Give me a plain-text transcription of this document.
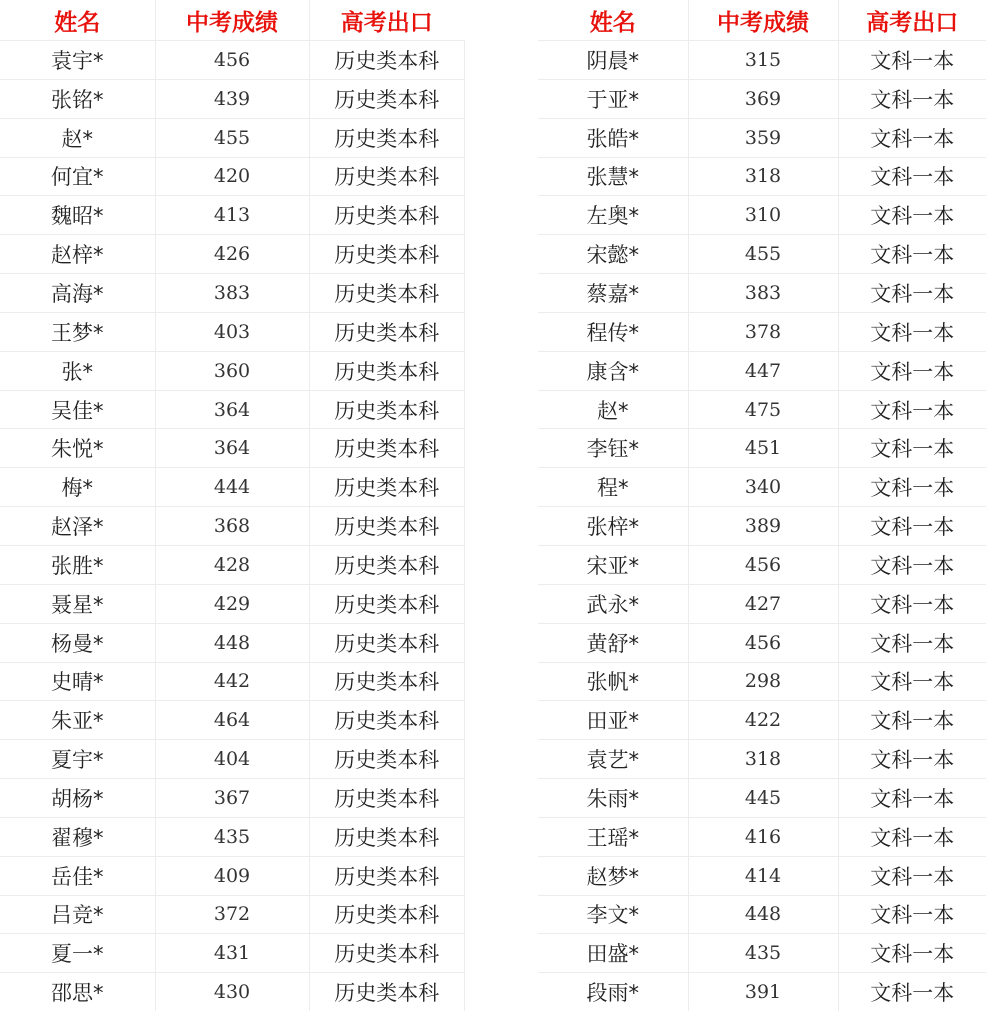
姓名	中考成绩	高考出口
袁宇*	456	历史类本科
张铭*	439	历史类本科
赵*	455	历史类本科
何宜*	420	历史类本科
魏昭*	413	历史类本科
赵梓*	426	历史类本科
高海*	383	历史类本科
王梦*	403	历史类本科
张*	360	历史类本科
吴佳*	364	历史类本科
朱悦*	364	历史类本科
梅*	444	历史类本科
赵泽*	368	历史类本科
张胜*	428	历史类本科
聂星*	429	历史类本科
杨曼*	448	历史类本科
史晴*	442	历史类本科
朱亚*	464	历史类本科
夏宇*	404	历史类本科
胡杨*	367	历史类本科
翟穆*	435	历史类本科
岳佳*	409	历史类本科
吕竞*	372	历史类本科
夏一*	431	历史类本科
邵思*	430	历史类本科
姓名	中考成绩	高考出口
阴晨*	315	文科一本
于亚*	369	文科一本
张皓*	359	文科一本
张慧*	318	文科一本
左奥*	310	文科一本
宋懿*	455	文科一本
蔡嘉*	383	文科一本
程传*	378	文科一本
康含*	447	文科一本
赵*	475	文科一本
李钰*	451	文科一本
程*	340	文科一本
张梓*	389	文科一本
宋亚*	456	文科一本
武永*	427	文科一本
黄舒*	456	文科一本
张帆*	298	文科一本
田亚*	422	文科一本
袁艺*	318	文科一本
朱雨*	445	文科一本
王瑶*	416	文科一本
赵梦*	414	文科一本
李文*	448	文科一本
田盛*	435	文科一本
段雨*	391	文科一本
